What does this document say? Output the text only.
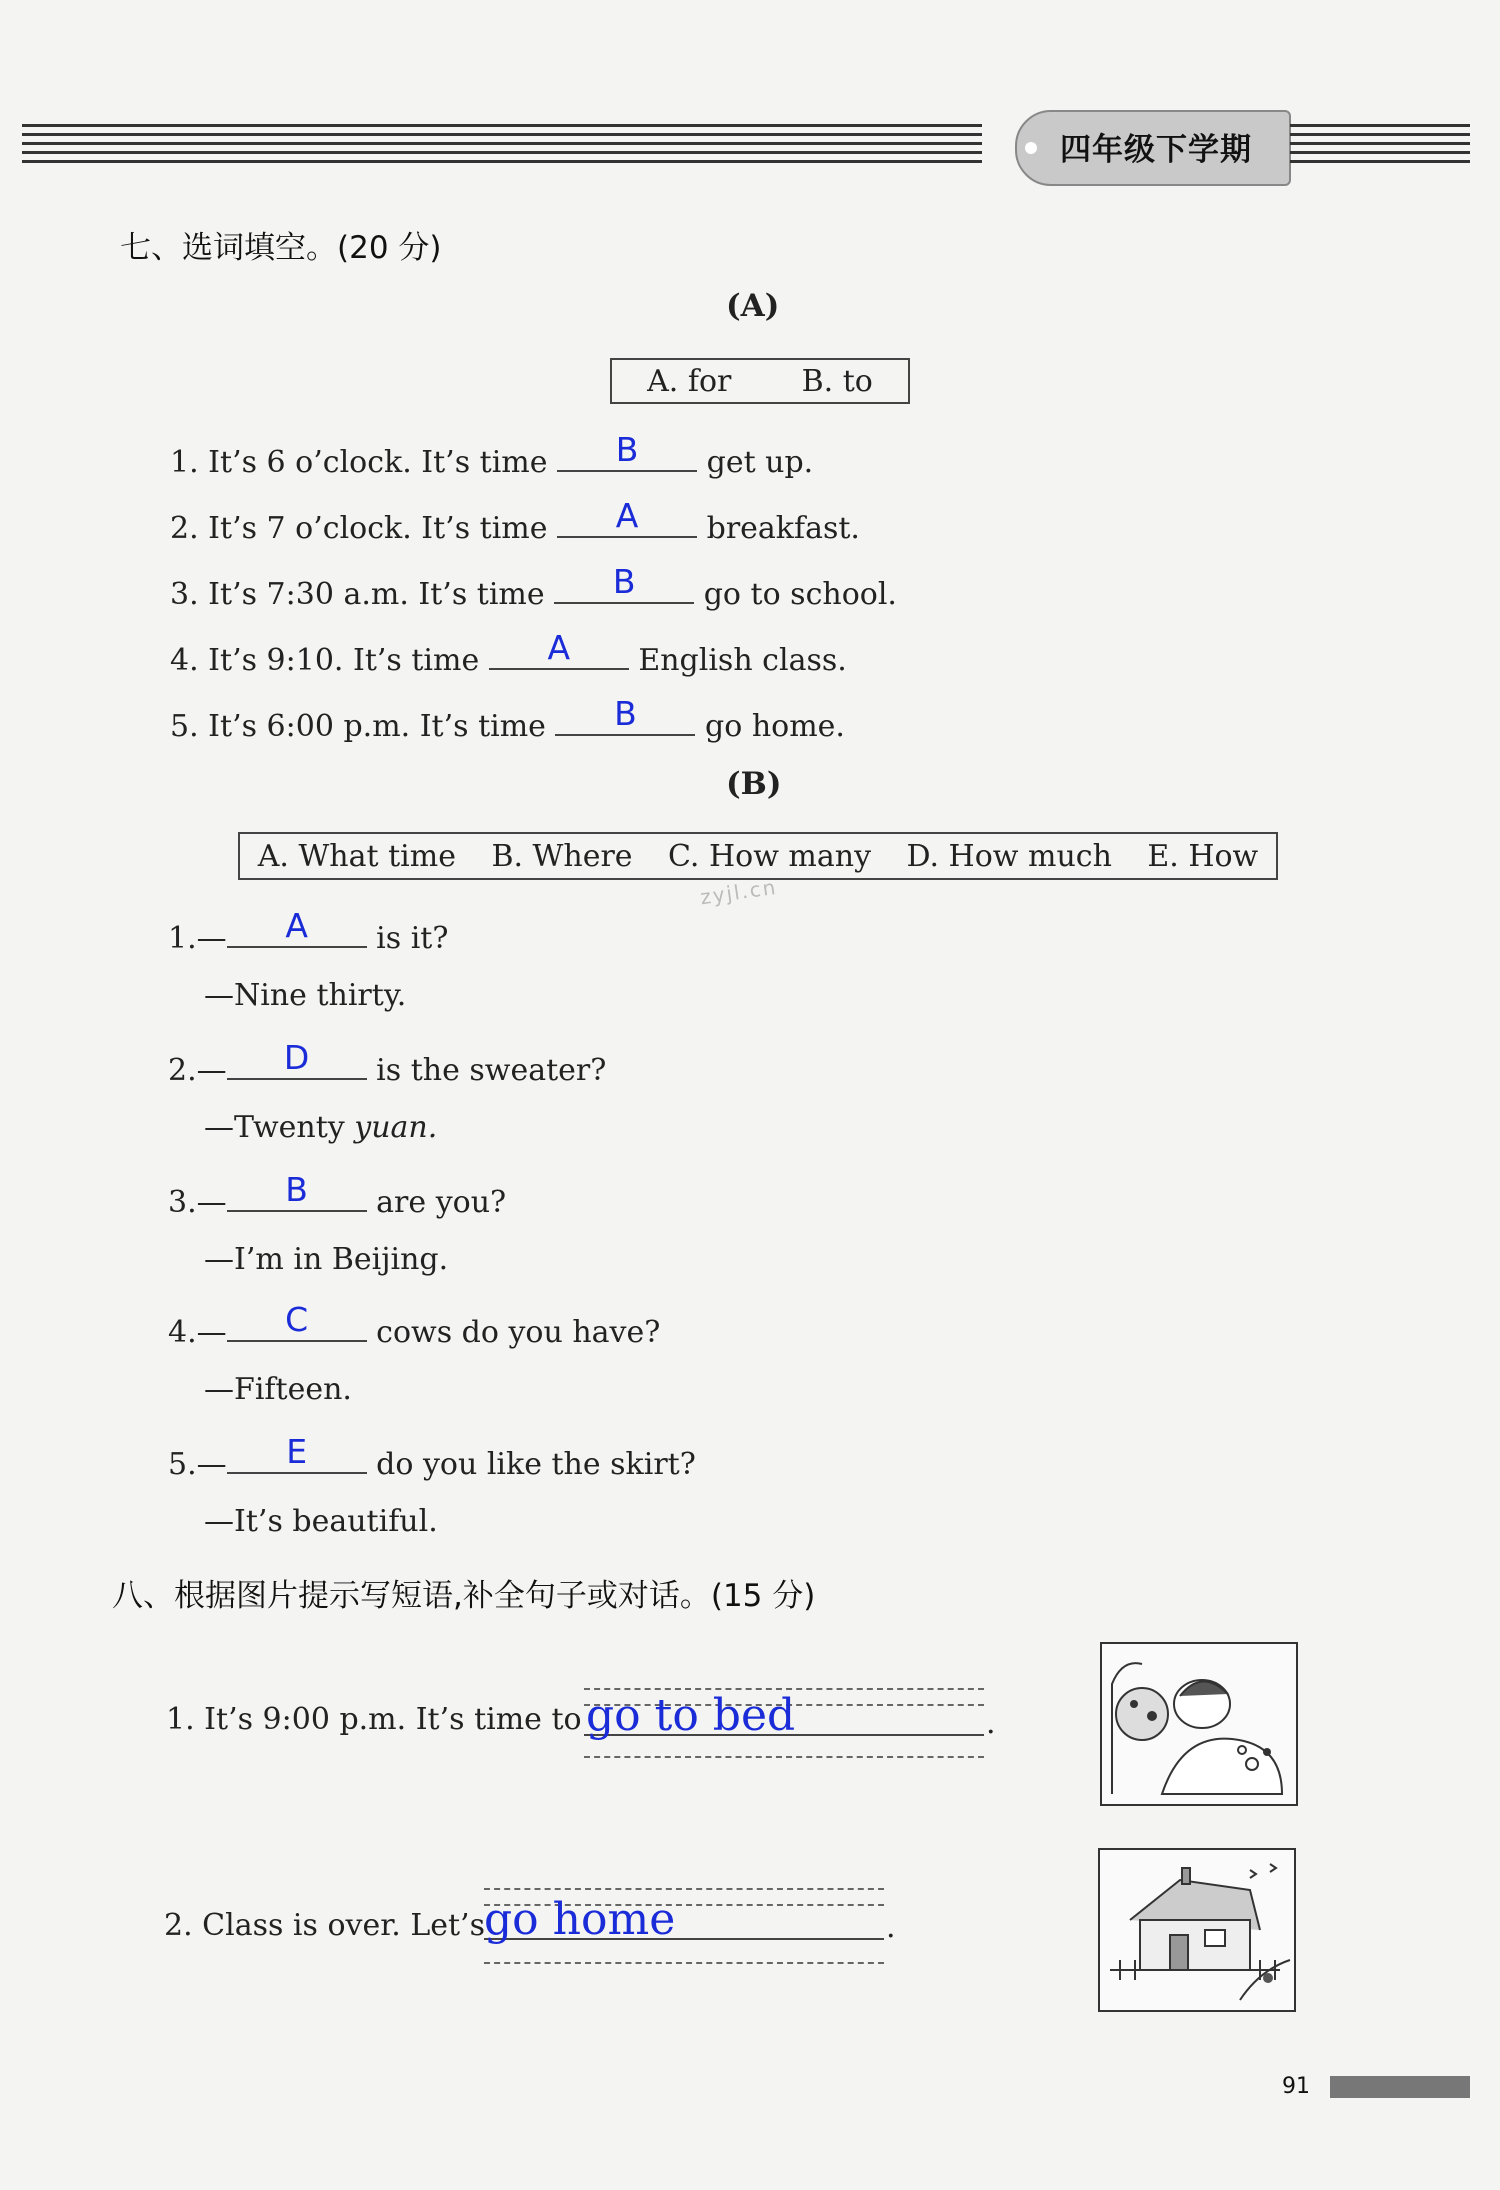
四年级下学期
七、选词填空。(20 分)
(A)
A. for B. to
1. It’s 6 o’clock. It’s time	B	get up.
2. It’s 7 o’clock. It’s time	A	breakfast.
3. It’s 7:30 a.m. It’s time	B	go to school.
4. It’s 9:10. It’s time	A	English class.
5. It’s 6:00 p.m. It’s time	B	go home.
(B)
A. What time B. Where C. How many D. How much E. How
zyjl.cn
1.—	A	is it?
—Nine thirty.
2.—	D	is the sweater?
—Twenty yuan.
3.—	B	are you?
—I’m in Beijing.
4.—	C	cows do you have?
—Fifteen.
5.—	E	do you like the skirt?
—It’s beautiful.
八、根据图片提示写短语,补全句子或对话。(15 分)
1. It’s 9:00 p.m. It’s time to go to bed	.
2. Class is over. Let’s go home	.
91
